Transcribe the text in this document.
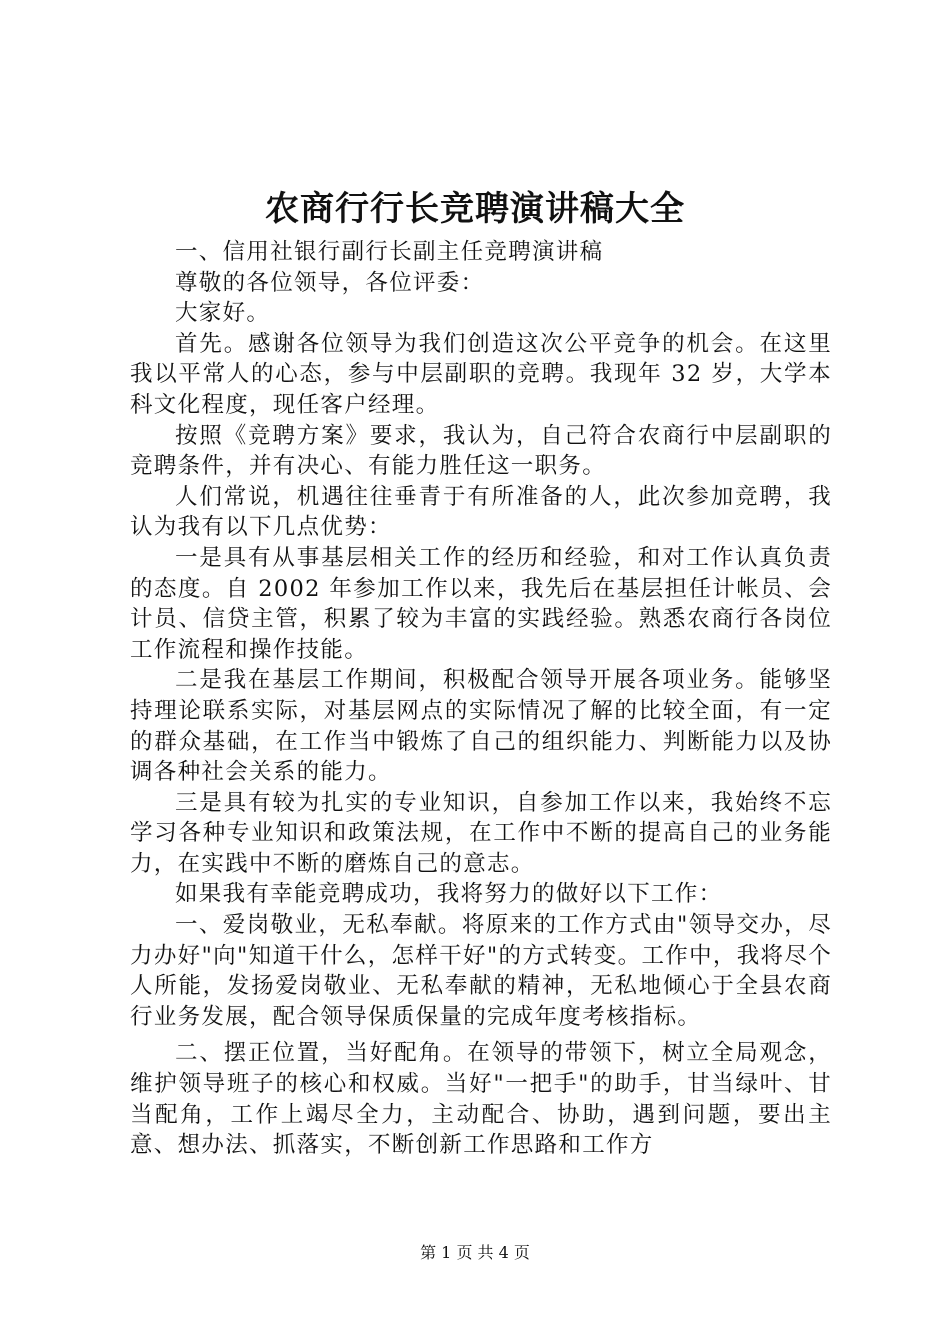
农商行行长竞聘演讲稿大全

一、信用社银行副行长副主任竞聘演讲稿

尊敬的各位领导，各位评委：

大家好。

首先。感谢各位领导为我们创造这次公平竞争的机会。在这里我以平常人的心态，参与中层副职的竞聘。我现年 32 岁，大学本科文化程度，现任客户经理。

按照《竞聘方案》要求，我认为，自己符合农商行中层副职的竞聘条件，并有决心、有能力胜任这一职务。

人们常说，机遇往往垂青于有所准备的人，此次参加竞聘，我认为我有以下几点优势：

一是具有从事基层相关工作的经历和经验，和对工作认真负责的态度。自 2002 年参加工作以来，我先后在基层担任计帐员、会计员、信贷主管，积累了较为丰富的实践经验。熟悉农商行各岗位工作流程和操作技能。

二是我在基层工作期间，积极配合领导开展各项业务。能够坚持理论联系实际，对基层网点的实际情况了解的比较全面，有一定的群众基础，在工作当中锻炼了自己的组织能力、判断能力以及协调各种社会关系的能力。

三是具有较为扎实的专业知识，自参加工作以来，我始终不忘学习各种专业知识和政策法规，在工作中不断的提高自己的业务能力，在实践中不断的磨炼自己的意志。

如果我有幸能竞聘成功，我将努力的做好以下工作：

一、爱岗敬业，无私奉献。将原来的工作方式由"领导交办，尽力办好"向"知道干什么，怎样干好"的方式转变。工作中，我将尽个人所能，发扬爱岗敬业、无私奉献的精神，无私地倾心于全县农商行业务发展，配合领导保质保量的完成年度考核指标。

二、摆正位置，当好配角。在领导的带领下，树立全局观念，维护领导班子的核心和权威。当好"一把手"的助手，甘当绿叶、甘当配角，工作上竭尽全力，主动配合、协助，遇到问题，要出主意、想办法、抓落实，不断创新工作思路和工作方

第 1 页 共 4 页
